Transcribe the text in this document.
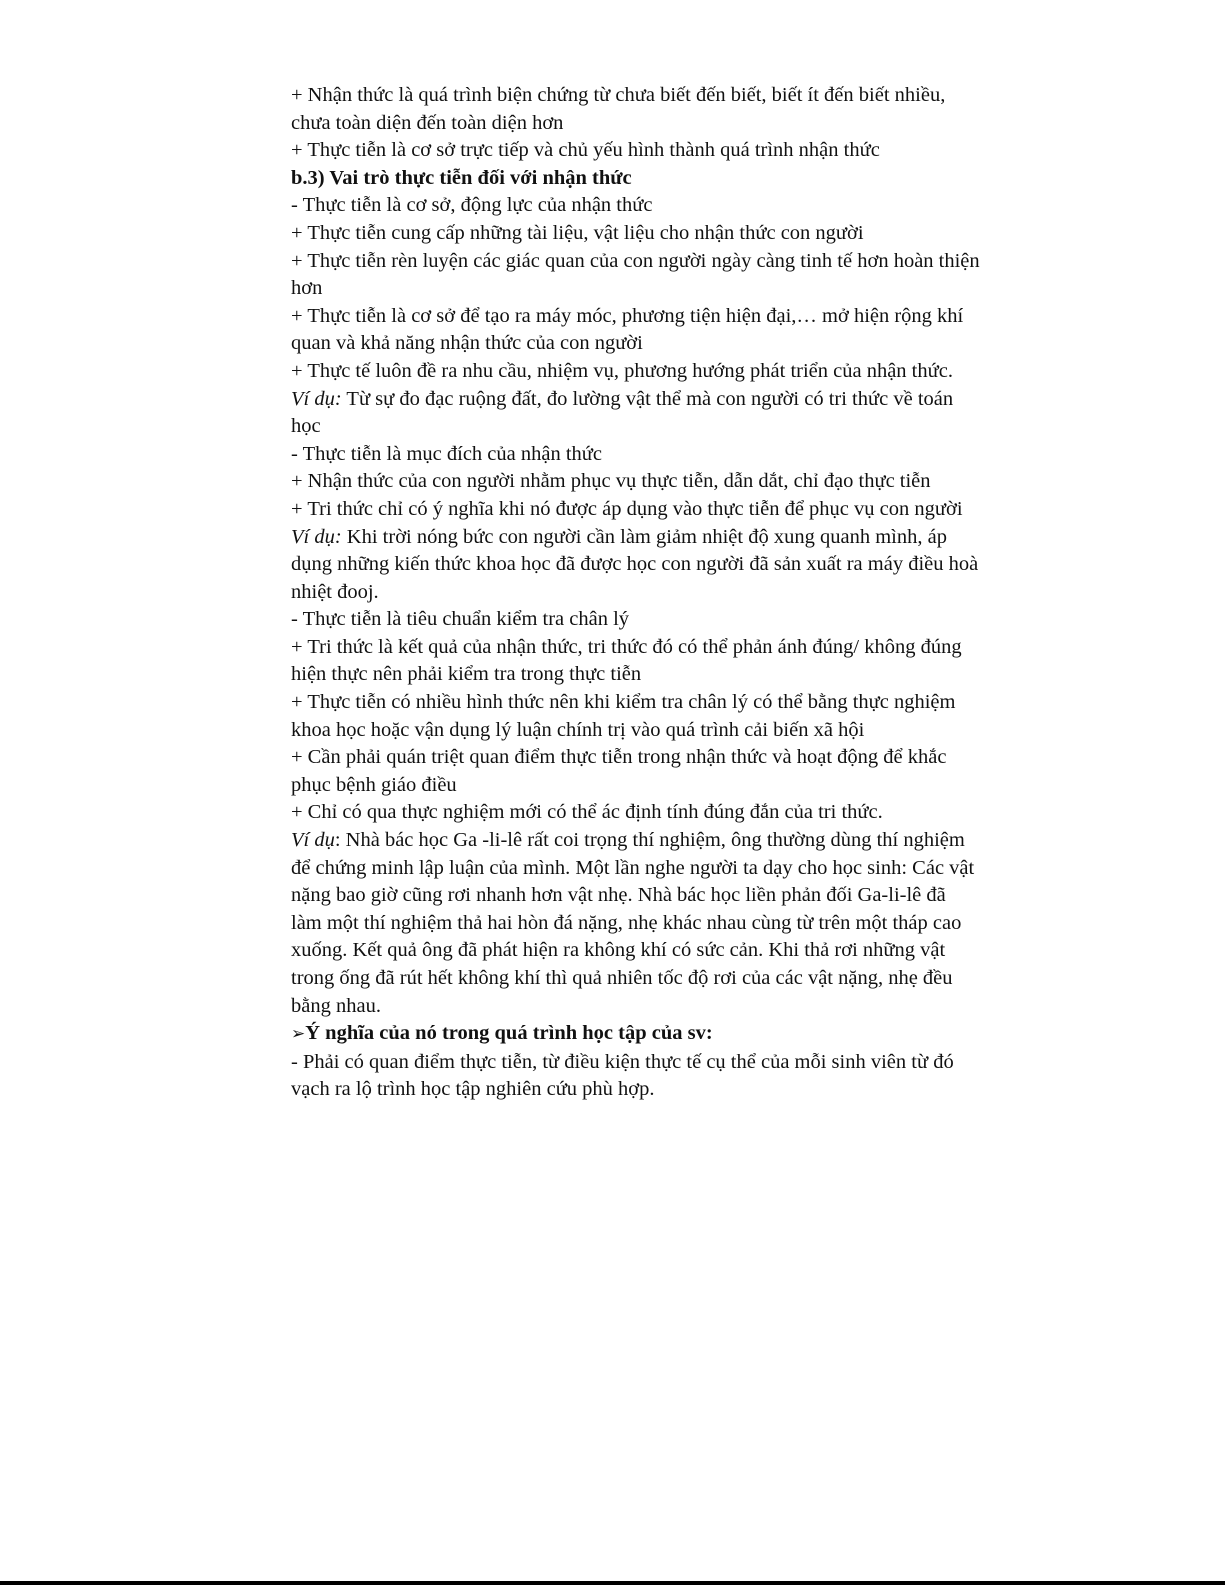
+ Nhận thức là quá trình biện chứng từ chưa biết đến biết, biết ít đến biết nhiều, chưa toàn diện đến toàn diện hơn

+ Thực tiễn là cơ sở trực tiếp và chủ yếu hình thành quá trình nhận thức

b.3) Vai trò thực tiễn đối với nhận thức

- Thực tiễn là cơ sở, động lực của nhận thức

+ Thực tiễn cung cấp những tài liệu, vật liệu cho nhận thức con người

+ Thực tiễn rèn luyện các giác quan của con người ngày càng tinh tế hơn hoàn thiện hơn

+ Thực tiễn là cơ sở để tạo ra máy móc, phương tiện hiện đại,… mở hiện rộng khí quan và khả năng nhận thức của con người

+ Thực tế luôn đề ra nhu cầu, nhiệm vụ, phương hướng phát triển của nhận thức.

Ví dụ: Từ sự đo đạc ruộng đất, đo lường vật thể mà con người có tri thức về toán học

- Thực tiễn là mục đích của nhận thức

+ Nhận thức của con người nhằm phục vụ thực tiễn, dẫn dắt, chỉ đạo thực tiễn

+ Tri thức chỉ có ý nghĩa khi nó được áp dụng vào thực tiễn để phục vụ con người

Ví dụ: Khi trời nóng bức con người cần làm giảm nhiệt độ xung quanh mình, áp dụng những kiến thức khoa học đã được học con người đã sản xuất ra máy điều hoà nhiệt đooj.

- Thực tiễn là tiêu chuẩn kiểm tra chân lý

+ Tri thức là kết quả của nhận thức, tri thức đó có thể phản ánh đúng/ không đúng hiện thực nên phải kiểm tra trong thực tiễn

+ Thực tiễn có nhiều hình thức nên khi kiểm tra chân lý có thể bằng thực nghiệm khoa học hoặc vận dụng lý luận chính trị vào quá trình cải biến xã hội

+ Cần phải quán triệt quan điểm thực tiễn trong nhận thức và hoạt động để khắc phục bệnh giáo điều

+ Chỉ có qua thực nghiệm mới có thể ác định tính đúng đắn của tri thức.

Ví dụ: Nhà bác học Ga -li-lê rất coi trọng thí nghiệm, ông thường dùng thí nghiệm để chứng minh lập luận của mình. Một lần nghe người ta dạy cho học sinh: Các vật nặng bao giờ cũng rơi nhanh hơn vật nhẹ. Nhà bác học liền phản đối Ga-li-lê đã làm một thí nghiệm thả hai hòn đá nặng, nhẹ khác nhau cùng từ trên một tháp cao xuống. Kết quả ông đã phát hiện ra không khí có sức cản. Khi thả rơi những vật trong ống đã rút hết không khí thì quả nhiên tốc độ rơi của các vật nặng, nhẹ đều bằng nhau.

➢Ý nghĩa của nó trong quá trình học tập của sv:

- Phải có quan điểm thực tiễn, từ điều kiện thực tế cụ thể của mỗi sinh viên từ đó vạch ra lộ trình học tập nghiên cứu phù hợp.
